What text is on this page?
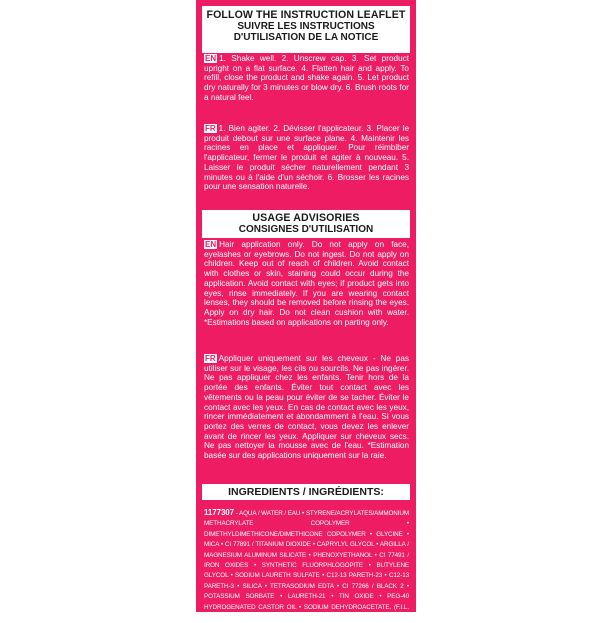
FOLLOW THE INSTRUCTION LEAFLET
SUIVRE LES INSTRUCTIONS
D'UTILISATION DE LA NOTICE
EN 1. Shake well. 2. Unscrew cap. 3. Set product upright on a flat surface. 4. Flatten hair and apply. To refill, close the product and shake again. 5. Let product dry naturally for 3 minutes or blow dry. 6. Brush roots for a natural feel.
FR 1. Bien agiter. 2. Dévisser l'applicateur. 3. Placer le produit debout sur une surface plane. 4. Maintenir les racines en place et appliquer. Pour réimbiber l'applicateur, fermer le produit et agiter à nouveau. 5. Laisser le produit sécher naturellement pendant 3 minutes ou à l'aide d'un séchoir. 6. Brosser les racines pour une sensation naturelle.
USAGE ADVISORIES
CONSIGNES D'UTILISATION
EN Hair application only. Do not apply on face, eyelashes or eyebrows. Do not ingest. Do not apply on children. Keep out of reach of children. Avoid contact with clothes or skin, staining could occur during the application. Avoid contact with eyes; if product gets into eyes, rinse immediately. If you are wearing contact lenses, they should be removed before rinsing the eyes. Apply on dry hair. Do not clean cushion with water. *Estimations based on applications on parting only.
FR Appliquer uniquement sur les cheveux - Ne pas utiliser sur le visage, les cils ou sourcils. Ne pas ingérer. Ne pas appliquer chez les enfants. Tenir hors de la portée des enfants. Éviter tout contact avec les vêtements ou la peau pour éviter de se tacher. Éviter le contact avec les yeux. En cas de contact avec les yeux, rincer immédiatement et abondamment à l'eau. Si vous portez des verres de contact, vous devez les enlever avant de rincer les yeux. Appliquer sur cheveux secs. Ne pas nettoyer la mousse avec de l'eau. *Estimation basée sur des applications uniquement sur la raie.
INGREDIENTS / INGRÉDIENTS:
1177307 - AQUA / WATER / EAU • STYRENE/ACRYLATES/AMMONIUM METHACRYLATE COPOLYMER • DIMETHYLDIMETHICONE/DIMETHICONE COPOLYMER • GLYCINE • MICA • CI 77891 / TITANIUM DIOXIDE • CAPRYLYL GLYCOL • ARGILLA / MAGNESIUM ALUMINUM SILICATE • PHENOXYETHANOL • CI 77491 / IRON OXIDES • SYNTHETIC FLUORPHLOGOPITE • BUTYLENE GLYCOL • SODIUM LAURETH SULFATE • C12-13 PARETH-23 • C12-13 PARETH-3 • SILICA • TETRASODIUM EDTA • CI 77266 / BLACK 2 • POTASSIUM SORBATE • LAURETH-21 • TIN OXIDE • PEG-40 HYDROGENATED CASTOR OIL • SODIUM DEHYDROACETATE. (F.I.L. D218508/1).
